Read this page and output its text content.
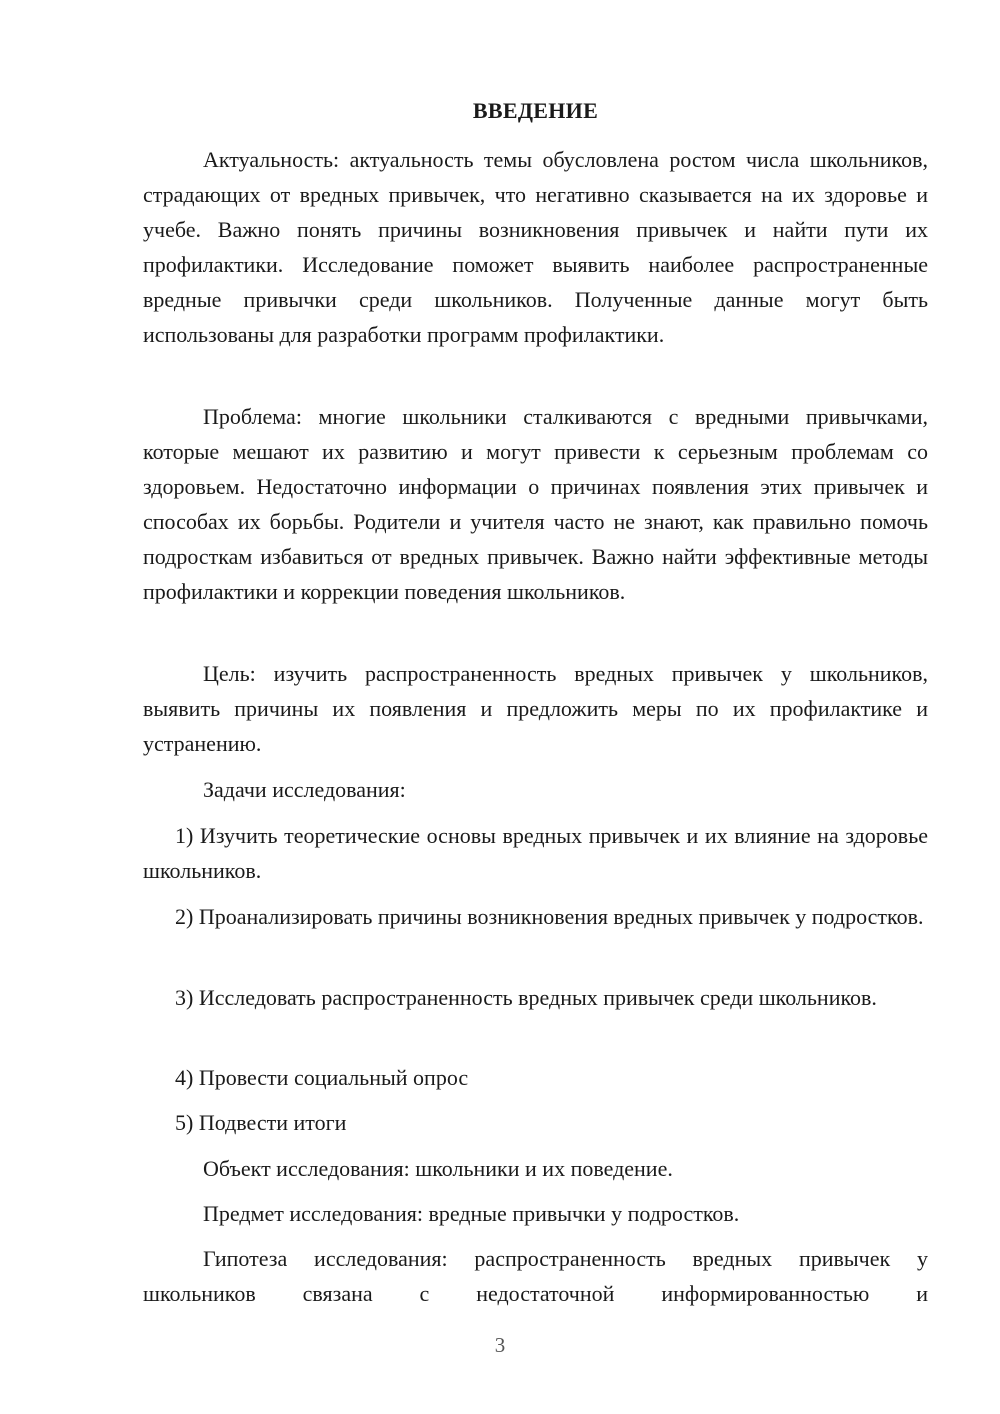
ВВЕДЕНИЕ

Актуальность: актуальность темы обусловлена ростом числа школьников, страдающих от вредных привычек, что негативно сказывается на их здоровье и учебе. Важно понять причины возникновения привычек и найти пути их профилактики. Исследование поможет выявить наиболее распространенные вредные привычки среди школьников. Полученные данные могут быть использованы для разработки программ профилактики.

Проблема: многие школьники сталкиваются с вредными привычками, которые мешают их развитию и могут привести к серьезным проблемам со здоровьем. Недостаточно информации о причинах появления этих привычек и способах их борьбы. Родители и учителя часто не знают, как правильно помочь подросткам избавиться от вредных привычек. Важно найти эффективные методы профилактики и коррекции поведения школьников.

Цель: изучить распространенность вредных привычек у школьников, выявить причины их появления и предложить меры по их профилактике и устранению.

Задачи исследования:

1) Изучить теоретические основы вредных привычек и их влияние на здоровье школьников.

2) Проанализировать причины возникновения вредных привычек у подростков.

3) Исследовать распространенность вредных привычек среди школьников.

4) Провести социальный опрос

5) Подвести итоги

Объект исследования: школьники и их поведение.

Предмет исследования: вредные привычки у подростков.

Гипотеза исследования: распространенность вредных привычек у школьников связана с недостаточной информированностью и

3
